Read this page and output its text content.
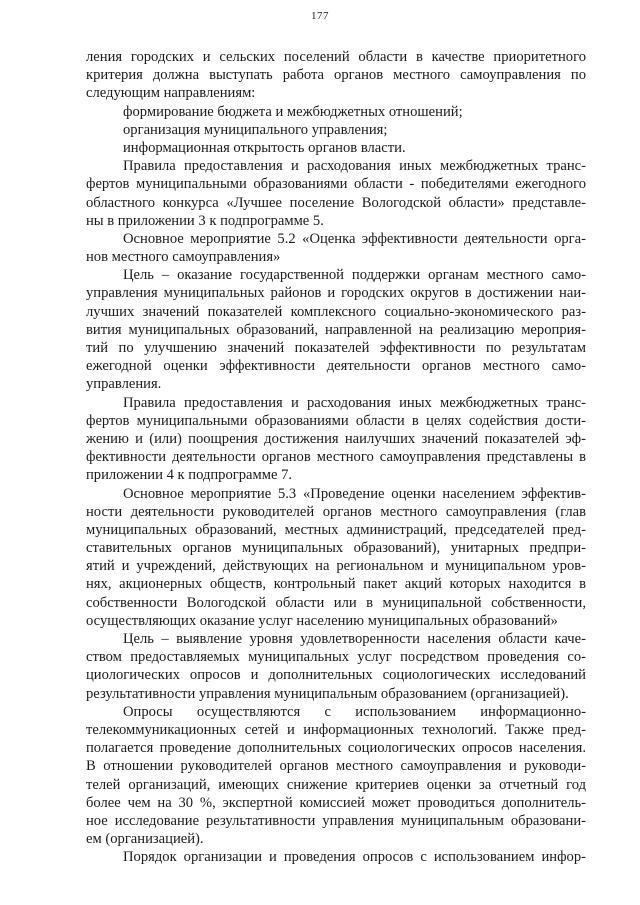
177
ления городских и сельских поселений области в качестве приоритетного
критерия должна выступать работа органов местного самоуправления по
следующим направлениям:
формирование бюджета и межбюджетных отношений;
организация муниципального управления;
информационная открытость органов власти.
Правила предоставления и расходования иных межбюджетных транс-
фертов муниципальными образованиями области - победителями ежегодного
областного конкурса «Лучшее поселение Вологодской области» представле-
ны в приложении 3 к подпрограмме 5.
Основное мероприятие 5.2 «Оценка эффективности деятельности орга-
нов местного самоуправления»
Цель – оказание государственной поддержки органам местного само-
управления муниципальных районов и городских округов в достижении наи-
лучших значений показателей комплексного социально-экономического раз-
вития муниципальных образований, направленной на реализацию мероприя-
тий по улучшению значений показателей эффективности по результатам
ежегодной оценки эффективности деятельности органов местного само-
управления.
Правила предоставления и расходования иных межбюджетных транс-
фертов муниципальными образованиями области в целях содействия дости-
жению и (или) поощрения достижения наилучших значений показателей эф-
фективности деятельности органов местного самоуправления представлены в
приложении 4 к подпрограмме 7.
Основное мероприятие 5.3 «Проведение оценки населением эффектив-
ности деятельности руководителей органов местного самоуправления (глав
муниципальных образований, местных администраций, председателей пред-
ставительных органов муниципальных образований), унитарных предпри-
ятий и учреждений, действующих на региональном и муниципальном уров-
нях, акционерных обществ, контрольный пакет акций которых находится в
собственности Вологодской области или в муниципальной собственности,
осуществляющих оказание услуг населению муниципальных образований»
Цель – выявление уровня удовлетворенности населения области каче-
ством предоставляемых муниципальных услуг посредством проведения со-
циологических опросов и дополнительных социологических исследований
результативности управления муниципальным образованием (организацией).
Опросы осуществляются с использованием информационно-
телекоммуникационных сетей и информационных технологий. Также пред-
полагается проведение дополнительных социологических опросов населения.
В отношении руководителей органов местного самоуправления и руководи-
телей организаций, имеющих снижение критериев оценки за отчетный год
более чем на 30 %, экспертной комиссией может проводиться дополнитель-
ное исследование результативности управления муниципальным образовани-
ем (организацией).
Порядок организации и проведения опросов с использованием инфор-
